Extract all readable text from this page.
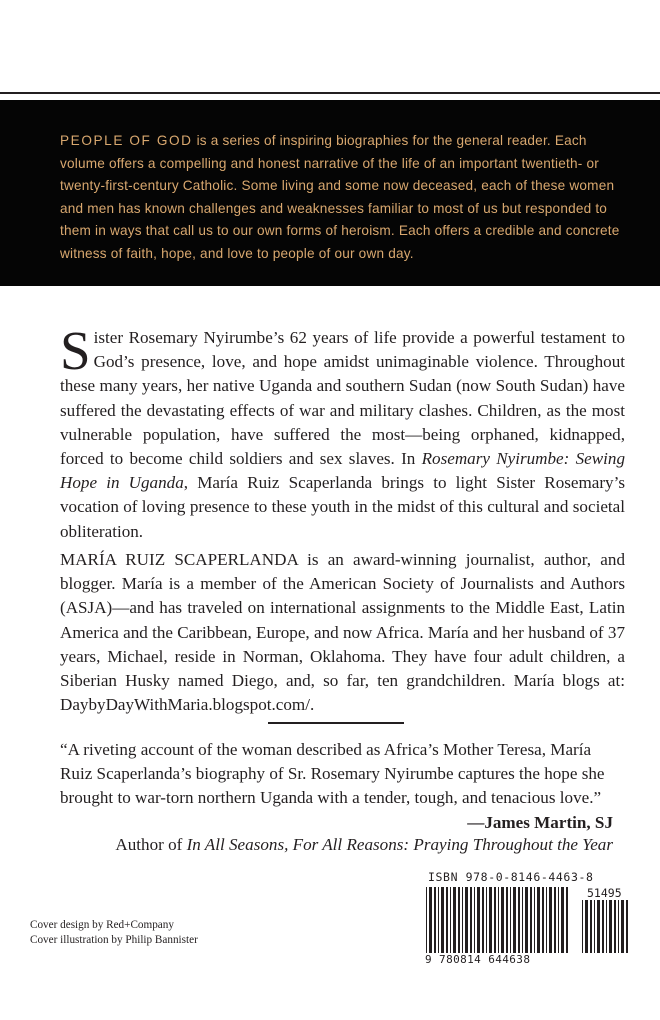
PEOPLE OF GOD is a series of inspiring biographies for the general reader. Each volume offers a compelling and honest narrative of the life of an important twentieth- or twenty-first-century Catholic. Some living and some now deceased, each of these women and men has known challenges and weaknesses familiar to most of us but responded to them in ways that call us to our own forms of heroism. Each offers a credible and concrete witness of faith, hope, and love to people of our own day.

Sister Rosemary Nyirumbe’s 62 years of life provide a powerful testament to God’s presence, love, and hope amidst unimaginable violence. Throughout these many years, her native Uganda and southern Sudan (now South Sudan) have suffered the devastating effects of war and military clashes. Children, as the most vulnerable population, have suffered the most—being orphaned, kidnapped, forced to become child soldiers and sex slaves. In Rosemary Nyirumbe: Sewing Hope in Uganda, María Ruiz Scaperlanda brings to light Sister Rosemary’s vocation of loving presence to these youth in the midst of this cultural and societal obliteration.

MARÍA RUIZ SCAPERLANDA is an award-winning journalist, author, and blogger. María is a member of the American Society of Journalists and Authors (ASJA)—and has traveled on international assignments to the Middle East, Latin America and the Caribbean, Europe, and now Africa. María and her husband of 37 years, Michael, reside in Norman, Oklahoma. They have four adult children, a Siberian Husky named Diego, and, so far, ten grandchildren. María blogs at: DaybyDayWithMaria.blogspot.com/.

“A riveting account of the woman described as Africa’s Mother Teresa, María Ruiz Scaperlanda’s biography of Sr. Rosemary Nyirumbe captures the hope she brought to war-torn northern Uganda with a tender, tough, and tenacious love.”

—James Martin, SJ

Author of In All Seasons, For All Reasons: Praying Throughout the Year

Cover design by Red+Company
Cover illustration by Philip Bannister
ISBN 978-0-8146-4463-8
51495
9 780814 644638
